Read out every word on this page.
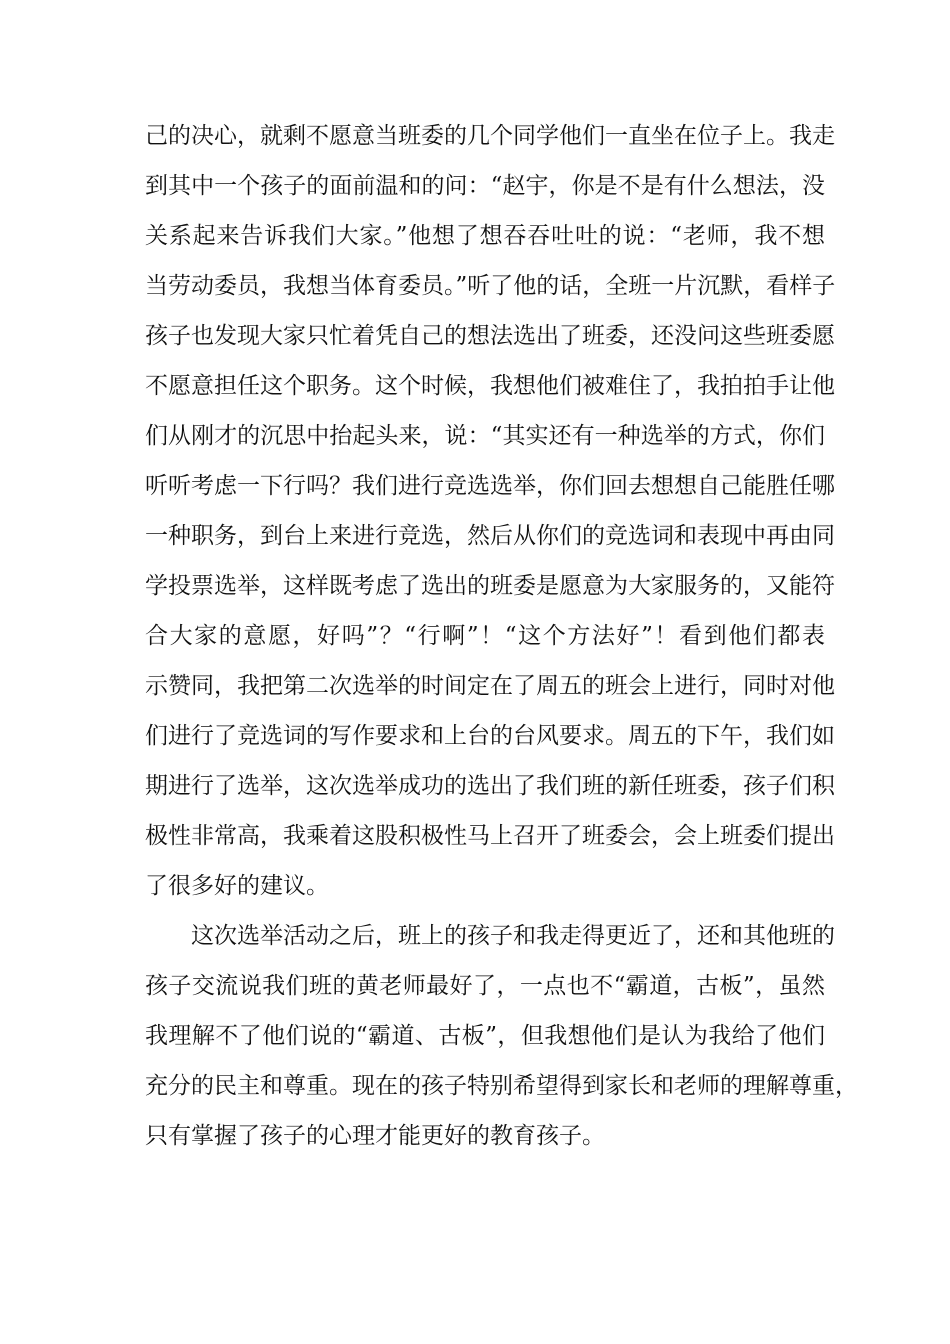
己的决心，就剩不愿意当班委的几个同学他们一直坐在位子上。我走
到其中一个孩子的面前温和的问：“赵宇，你是不是有什么想法，没
关系起来告诉我们大家。”他想了想吞吞吐吐的说：“老师，我不想
当劳动委员，我想当体育委员。”听了他的话，全班一片沉默，看样子
孩子也发现大家只忙着凭自己的想法选出了班委，还没问这些班委愿
不愿意担任这个职务。这个时候，我想他们被难住了，我拍拍手让他
们从刚才的沉思中抬起头来，说：“其实还有一种选举的方式，你们
听听考虑一下行吗？我们进行竞选选举，你们回去想想自己能胜任哪
一种职务，到台上来进行竞选，然后从你们的竞选词和表现中再由同
学投票选举，这样既考虑了选出的班委是愿意为大家服务的，又能符
合大家的意愿，好吗”？“行啊”！“这个方法好”！看到他们都表
示赞同，我把第二次选举的时间定在了周五的班会上进行，同时对他
们进行了竞选词的写作要求和上台的台风要求。周五的下午，我们如
期进行了选举，这次选举成功的选出了我们班的新任班委，孩子们积
极性非常高，我乘着这股积极性马上召开了班委会，会上班委们提出
了很多好的建议。
这次选举活动之后，班上的孩子和我走得更近了，还和其他班的
孩子交流说我们班的黄老师最好了，一点也不“霸道，古板”，虽然
我理解不了他们说的“霸道、古板”，但我想他们是认为我给了他们
充分的民主和尊重。现在的孩子特别希望得到家长和老师的理解尊重，
只有掌握了孩子的心理才能更好的教育孩子。
